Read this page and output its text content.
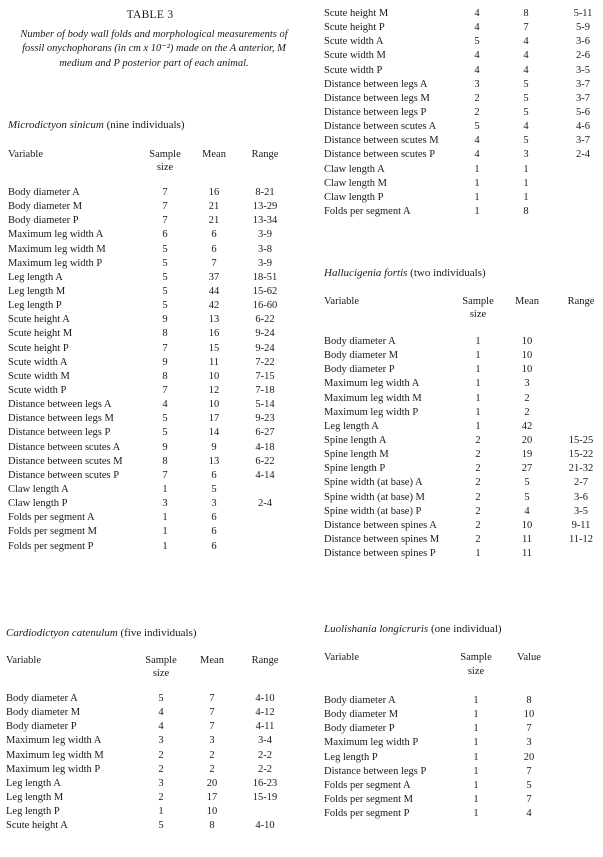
TABLE 3
Number of body wall folds and morphological measurements of fossil onychophorans (in cm x 10⁻²) made on the A anterior, M medium and P posterior part of each animal.
Microdictyon sinicum (nine individuals)
Variable	Sample
size
Mean	Range
Body diameter A	7	16	8-21
Body diameter M	7	21	13-29
Body diameter P	7	21	13-34
Maximum leg width A	6	6	3-9
Maximum leg width M	5	6	3-8
Maximum leg width P	5	7	3-9
Leg length A	5	37	18-51
Leg length M	5	44	15-62
Leg length P	5	42	16-60
Scute height A	9	13	6-22
Scute height M	8	16	9-24
Scute height P	7	15	9-24
Scute width A	9	11	7-22
Scute width M	8	10	7-15
Scute width P	7	12	7-18
Distance between legs A	4	10	5-14
Distance between legs M	5	17	9-23
Distance between legs P	5	14	6-27
Distance between scutes A	9	9	4-18
Distance between scutes M	8	13	6-22
Distance between scutes P	7	6	4-14
Claw length A	1	5
Claw length P	3	3	2-4
Folds per segment A	1	6
Folds per segment M	1	6
Folds per segment P	1	6
Cardiodictyon catenulum (five individuals)
Variable	Sample
size
Mean	Range
Body diameter A	5	7	4-10
Body diameter M	4	7	4-12
Body diameter P	4	7	4-11
Maximum leg width A	3	3	3-4
Maximum leg width M	2	2	2-2
Maximum leg width P	2	2	2-2
Leg length A	3	20	16-23
Leg length M	2	17	15-19
Leg length P	1	10
Scute height A	5	8	4-10
Scute height M	4	8	5-11
Scute height P	4	7	5-9
Scute width A	5	4	3-6
Scute width M	4	4	2-6
Scute width P	4	4	3-5
Distance between legs A	3	5	3-7
Distance between legs M	2	5	3-7
Distance between legs P	2	5	5-6
Distance between scutes A	5	4	4-6
Distance between scutes M	4	5	3-7
Distance between scutes P	4	3	2-4
Claw length A	1	1
Claw length M	1	1
Claw length P	1	1
Folds per segment A	1	8
Hallucigenia fortis (two individuals)
Variable	Sample
size
Mean	Range
Body diameter A	1	10
Body diameter M	1	10
Body diameter P	1	10
Maximum leg width A	1	3
Maximum leg width M	1	2
Maximum leg width P	1	2
Leg length A	1	42
Spine length A	2	20	15-25
Spine length M	2	19	15-22
Spine length P	2	27	21-32
Spine width (at base) A	2	5	2-7
Spine width (at base) M	2	5	3-6
Spine width (at base) P	2	4	3-5
Distance between spines A	2	10	9-11
Distance between spines M	2	11	11-12
Distance between spines P	1	11
Luolishania longicruris (one individual)
Variable	Sample
size
Value
Body diameter A	1	8
Body diameter M	1	10
Body diameter P	1	7
Maximum leg width P	1	3
Leg length P	1	20
Distance between legs P	1	7
Folds per segment A	1	5
Folds per segment M	1	7
Folds per segment P	1	4
